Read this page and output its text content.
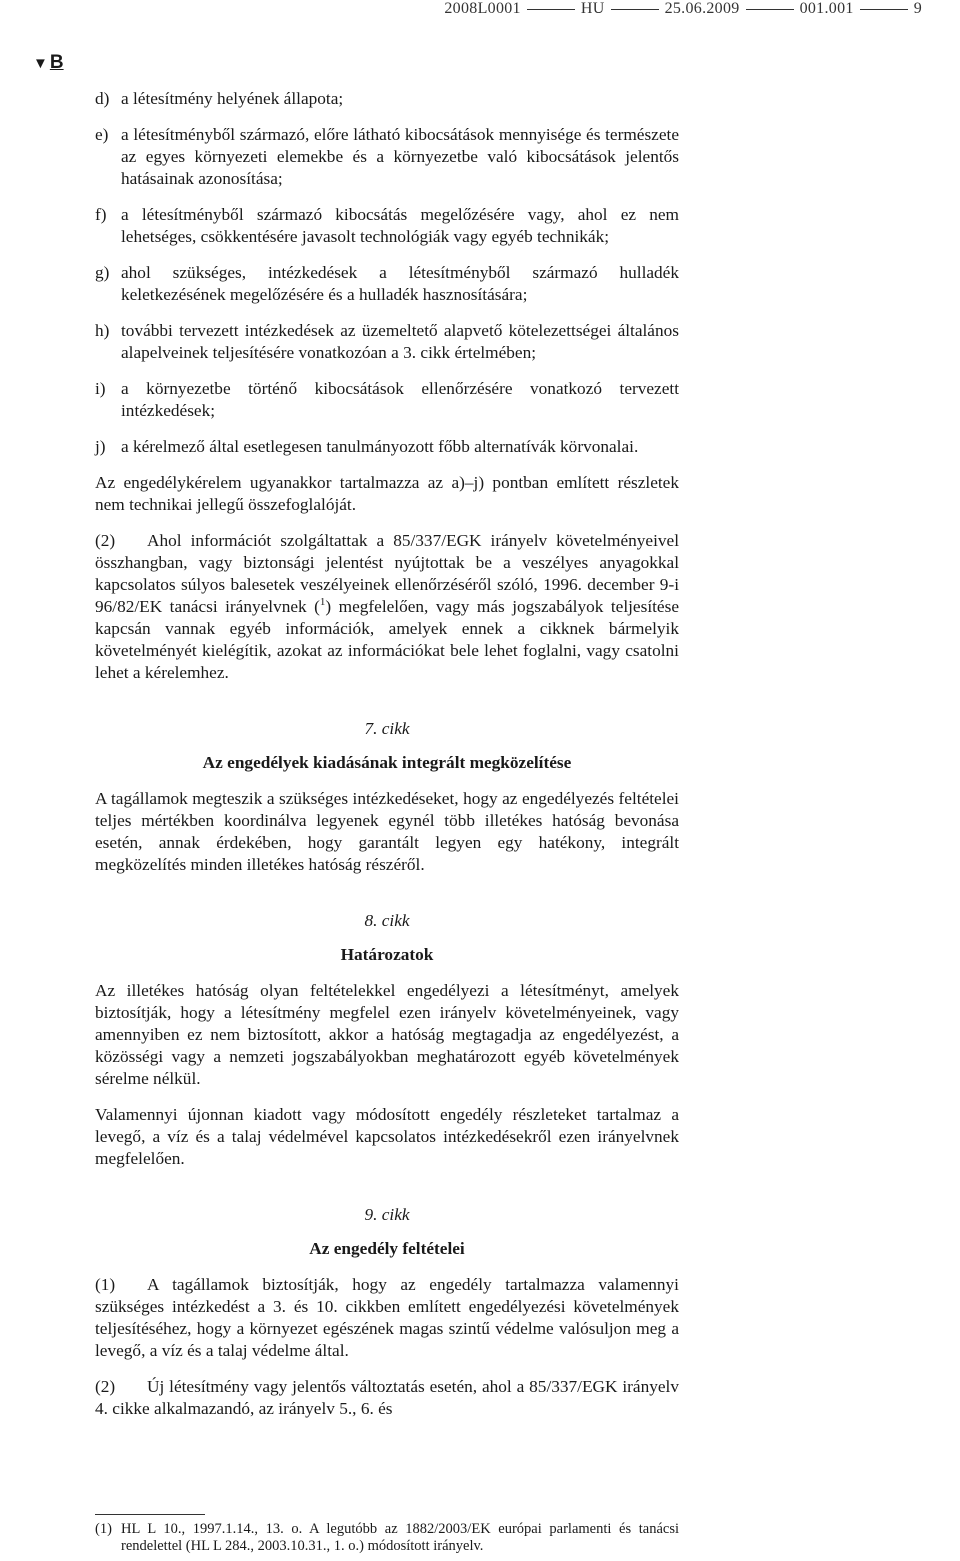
2008L0001	HU	25.06.2009	001.001	9
▼ B
d) a létesítmény helyének állapota;
e) a létesítményből származó, előre látható kibocsátások mennyisége és természete az egyes környezeti elemekbe és a környezetbe való kibocsátások jelentős hatásainak azonosítása;
f) a létesítményből származó kibocsátás megelőzésére vagy, ahol ez nem lehetséges, csökkentésére javasolt technológiák vagy egyéb technikák;
g) ahol szükséges, intézkedések a létesítményből származó hulladék keletkezésének megelőzésére és a hulladék hasznosítására;
h) további tervezett intézkedések az üzemeltető alapvető kötelezettségei általános alapelveinek teljesítésére vonatkozóan a 3. cikk értelmében;
i) a környezetbe történő kibocsátások ellenőrzésére vonatkozó tervezett intézkedések;
j) a kérelmező által esetlegesen tanulmányozott főbb alternatívák körvonalai.

Az engedélykérelem ugyanakkor tartalmazza az a)–j) pontban említett részletek nem technikai jellegű összefoglalóját.

(2) Ahol információt szolgáltattak a 85/337/EGK irányelv követelményeivel összhangban, vagy biztonsági jelentést nyújtottak be a veszélyes anyagokkal kapcsolatos súlyos balesetek veszélyeinek ellenőrzéséről szóló, 1996. december 9-i 96/82/EK tanácsi irányelvnek ($^1$) megfelelően, vagy más jogszabályok teljesítése kapcsán vannak egyéb információk, amelyek ennek a cikknek bármelyik követelményét kielégítik, azokat az információkat bele lehet foglalni, vagy csatolni lehet a kérelemhez.

7. cikk

Az engedélyek kiadásának integrált megközelítése

A tagállamok megteszik a szükséges intézkedéseket, hogy az engedélyezés feltételei teljes mértékben koordinálva legyenek egynél több illetékes hatóság bevonása esetén, annak érdekében, hogy garantált legyen egy hatékony, integrált megközelítés minden illetékes hatóság részéről.

8. cikk

Határozatok

Az illetékes hatóság olyan feltételekkel engedélyezi a létesítményt, amelyek biztosítják, hogy a létesítmény megfelel ezen irányelv követelményeinek, vagy amennyiben ez nem biztosított, akkor a hatóság megtagadja az engedélyezést, a közösségi vagy a nemzeti jogszabályokban meghatározott egyéb követelmények sérelme nélkül.

Valamennyi újonnan kiadott vagy módosított engedély részleteket tartalmaz a levegő, a víz és a talaj védelmével kapcsolatos intézkedésekről ezen irányelvnek megfelelően.

9. cikk

Az engedély feltételei

(1) A tagállamok biztosítják, hogy az engedély tartalmazza valamennyi szükséges intézkedést a 3. és 10. cikkben említett engedélyezési követelmények teljesítéséhez, hogy a környezet egészének magas szintű védelme valósuljon meg a levegő, a víz és a talaj védelme által.

(2) Új létesítmény vagy jelentős változtatás esetén, ahol a 85/337/EGK irányelv 4. cikke alkalmazandó, az irányelv 5., 6. és

(1) HL L 10., 1997.1.14., 13. o. A legutóbb az 1882/2003/EK európai parlamenti és tanácsi rendelettel (HL L 284., 2003.10.31., 1. o.) módosított irányelv.
